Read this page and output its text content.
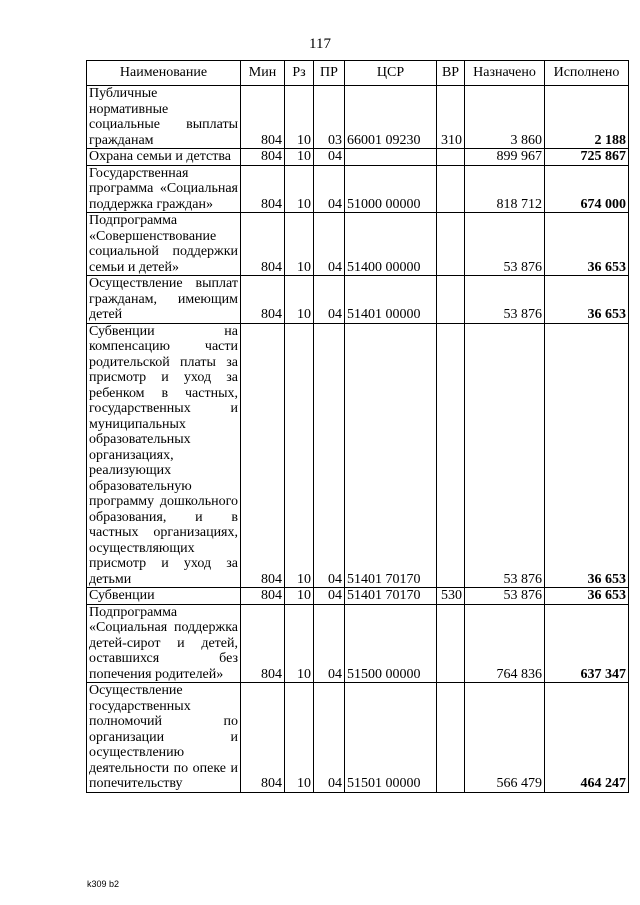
117
Наименование	Мин	Рз	ПР	ЦСР	ВР	Назначено	Исполнено
Публичные нормативные социальные выплаты гражданам	804	10	03	66001 09230	310	3 860	2 188
Охрана семьи и детства	804	10	04			899 967	725 867
Государственная программа «Социальная поддержка граждан»	804	10	04	51000 00000		818 712	674 000
Подпрограмма «Совершенствование социальной поддержки семьи и детей»	804	10	04	51400 00000		53 876	36 653
Осуществление выплат гражданам, имеющим детей	804	10	04	51401 00000		53 876	36 653
Субвенции на компенсацию части родительской платы за присмотр и уход за ребенком в частных, государственных и муниципальных образовательных организациях, реализующих образовательную программу дошкольного образования, и в частных организациях, осуществляющих присмотр и уход за детьми	804	10	04	51401 70170		53 876	36 653
Субвенции	804	10	04	51401 70170	530	53 876	36 653
Подпрограмма «Социальная поддержка детей-сирот и детей, оставшихся без попечения родителей»	804	10	04	51500 00000		764 836	637 347
Осуществление государственных полномочий по организации и осуществлению деятельности по опеке и попечительству	804	10	04	51501 00000		566 479	464 247
k309 b2
